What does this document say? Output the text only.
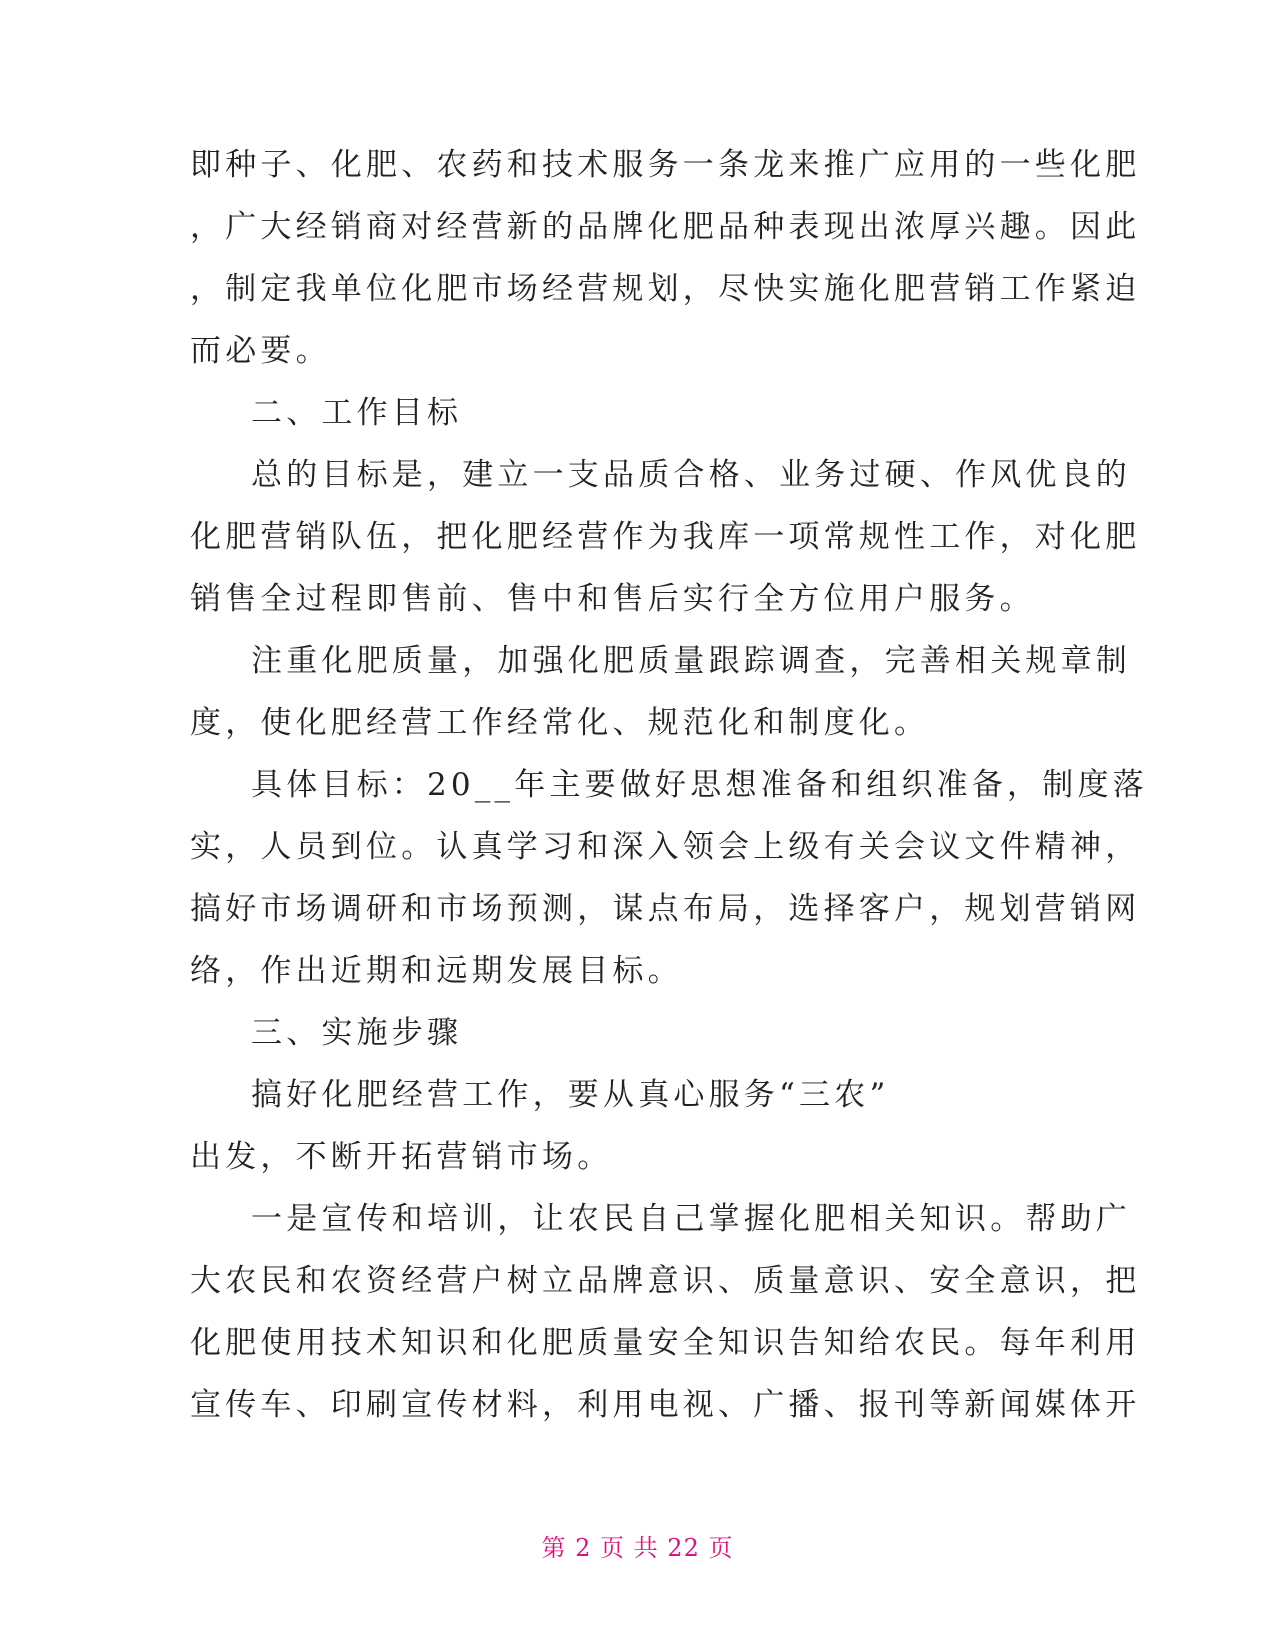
即种子、化肥、农药和技术服务一条龙来推广应用的一些化肥
，广大经销商对经营新的品牌化肥品种表现出浓厚兴趣。因此
，制定我单位化肥市场经营规划，尽快实施化肥营销工作紧迫
而必要。
二、工作目标
总的目标是，建立一支品质合格、业务过硬、作风优良的
化肥营销队伍，把化肥经营作为我库一项常规性工作，对化肥
销售全过程即售前、售中和售后实行全方位用户服务。
注重化肥质量，加强化肥质量跟踪调查，完善相关规章制
度，使化肥经营工作经常化、规范化和制度化。
具体目标：20__年主要做好思想准备和组织准备，制度落
实，人员到位。认真学习和深入领会上级有关会议文件精神，
搞好市场调研和市场预测，谋点布局，选择客户，规划营销网
络，作出近期和远期发展目标。
三、实施步骤
搞好化肥经营工作，要从真心服务“三农”
出发，不断开拓营销市场。
一是宣传和培训，让农民自己掌握化肥相关知识。帮助广
大农民和农资经营户树立品牌意识、质量意识、安全意识，把
化肥使用技术知识和化肥质量安全知识告知给农民。每年利用
宣传车、印刷宣传材料，利用电视、广播、报刊等新闻媒体开
第 2 页 共 22 页
